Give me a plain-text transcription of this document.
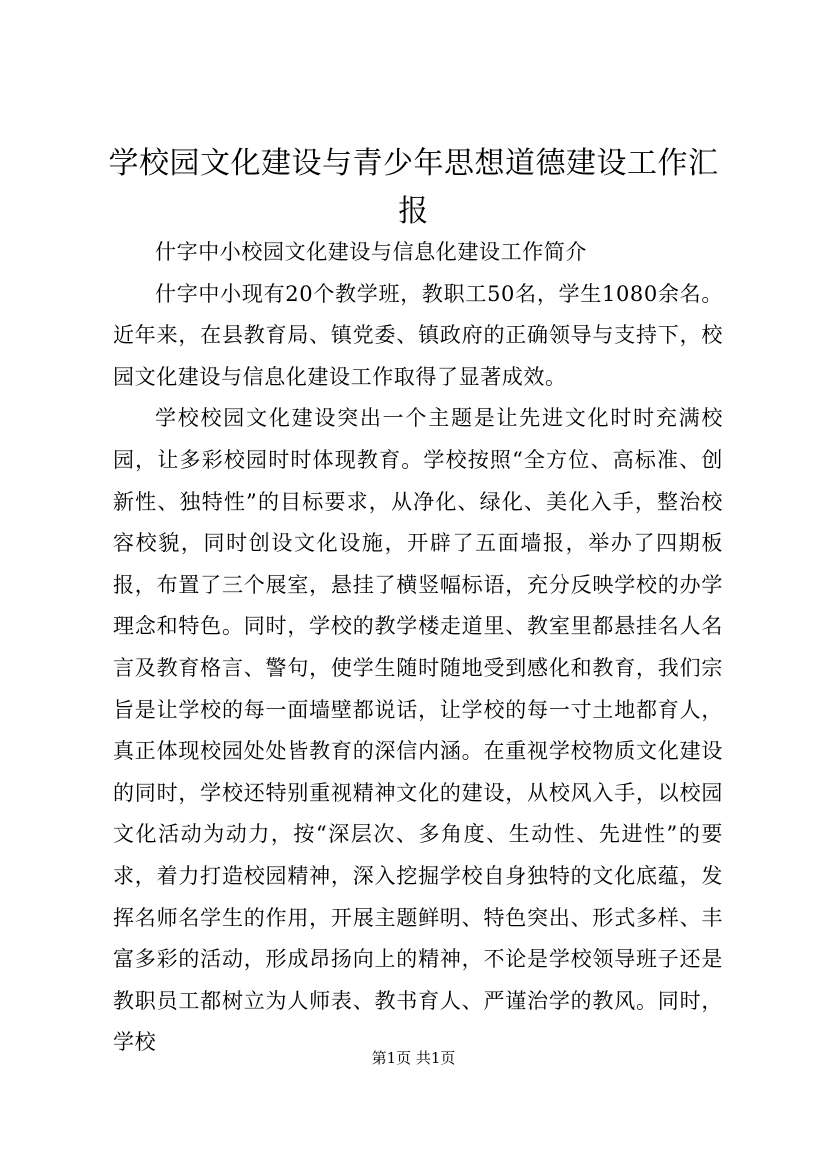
学校园文化建设与青少年思想道德建设工作汇报

什字中小校园文化建设与信息化建设工作简介

什字中小现有20个教学班，教职工50名，学生1080余名。近年来，在县教育局、镇党委、镇政府的正确领导与支持下，校园文化建设与信息化建设工作取得了显著成效。

学校校园文化建设突出一个主题是让先进文化时时充满校园，让多彩校园时时体现教育。学校按照“全方位、高标准、创新性、独特性”的目标要求，从净化、绿化、美化入手，整治校容校貌，同时创设文化设施，开辟了五面墙报，举办了四期板报，布置了三个展室，悬挂了横竖幅标语，充分反映学校的办学理念和特色。同时，学校的教学楼走道里、教室里都悬挂名人名言及教育格言、警句，使学生随时随地受到感化和教育，我们宗旨是让学校的每一面墙壁都说话，让学校的每一寸土地都育人，真正体现校园处处皆教育的深信内涵。在重视学校物质文化建设的同时，学校还特别重视精神文化的建设，从校风入手，以校园文化活动为动力，按“深层次、多角度、生动性、先进性”的要求，着力打造校园精神，深入挖掘学校自身独特的文化底蕴，发挥名师名学生的作用，开展主题鲜明、特色突出、形式多样、丰富多彩的活动，形成昂扬向上的精神，不论是学校领导班子还是教职员工都树立为人师表、教书育人、严谨治学的教风。同时，学校

第1页 共1页
